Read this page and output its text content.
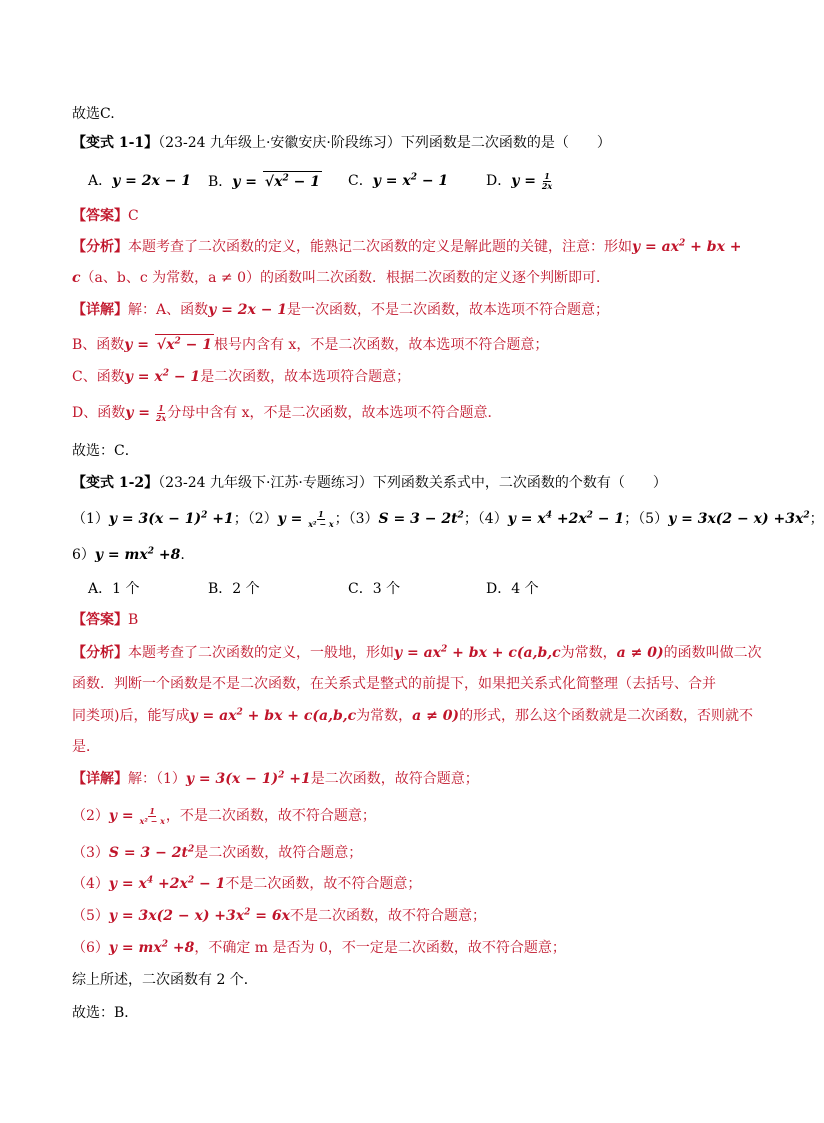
故选C.
【变式 1-1】（23-24 九年级上·安徽安庆·阶段练习）下列函数是二次函数的是（　　）
A．y = 2x − 1 B．$y = √x^2 - 1$ C．$y = x^2 - 1$	D．$y = \frac{1}{2x}$
【答案】C
【分析】本题考查了二次函数的定义，能熟记二次函数的定义是解此题的关键，注意：形如$y = ax^2$ + bx +
c（a、b、c 为常数，a ≠ 0）的函数叫二次函数．根据二次函数的定义逐个判断即可．
【详解】解：A、函数y = 2x − 1是一次函数，不是二次函数，故本选项不符合题意；
B、函数$y = √x^2 - 1$ 根号内含有 x，不是二次函数，故本选项不符合题意；
C、函数$y = x^2 - 1$是二次函数，故本选项符合题意；
D、函数$y = \frac{1}{2x}$ 分母中含有 x，不是二次函数，故本选项不符合题意．
故选：C．
【变式 1-2】（23-24 九年级下·江苏·专题练习）下列函数关系式中，二次函数的个数有（　　）
$(1)y = 3(x - 1)^2 +1$；$(2)y = \frac{1}{\text{x² − x}}$ ；$(3)S = 3 - 2t^2$；$(4)y = x^4 +2x^2 - 1$；$(5)y = 3x(2 - x) +3x^2$；
$6)y = mx^2 +8$.
A．1 个	B．2 个	C．3 个	D．4 个
【答案】B
【分析】本题考查了二次函数的定义，一般地，形如$y = ax^2$ + bx + c(a,b,c为常数，a ≠ 0)的函数叫做二次
函数．判断一个函数是不是二次函数，在关系式是整式的前提下，如果把关系式化简整理（去括号、合并
同类项)后，能写成$y = ax^2$ + bx + c(a,b,c为常数，a ≠ 0)的形式，那么这个函数就是二次函数，否则就不
是．
【详解】解：$(1)y = 3(x - 1)^2 +1$是二次函数，故符合题意；
$(2)y = \frac{1}{\text{x² − x}}$ ，不是二次函数，故不符合题意；
$(3)S = 3 - 2t^2$是二次函数，故符合题意；
$(4)y = x^4 +2x^2 - 1$不是二次函数，故不符合题意；
$(5)y = 3x(2 - x) +3x^2 = 6x$不是二次函数，故不符合题意；
$(6)y = mx^2 +8$，不确定 m 是否为 0，不一定是二次函数，故不符合题意；
综上所述，二次函数有 2 个．
故选：B．
